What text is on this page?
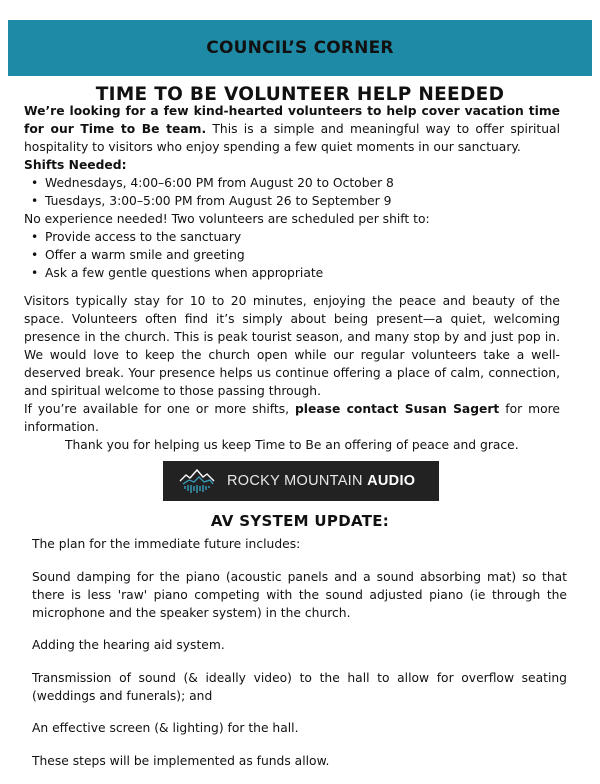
COUNCIL’S CORNER
TIME TO BE VOLUNTEER HELP NEEDED

We’re looking for a few kind-hearted volunteers to help cover vacation time for our Time to Be team. This is a simple and meaningful way to offer spiritual hospitality to visitors who enjoy spending a few quiet moments in our sanctuary.

Shifts Needed:

• Wednesdays, 4:00–6:00 PM from August 20 to October 8
• Tuesdays, 3:00–5:00 PM from August 26 to September 9

No experience needed! Two volunteers are scheduled per shift to:

• Provide access to the sanctuary
• Offer a warm smile and greeting
• Ask a few gentle questions when appropriate

Visitors typically stay for 10 to 20 minutes, enjoying the peace and beauty of the space. Volunteers often find it’s simply about being present—a quiet, welcoming presence in the church. This is peak tourist season, and many stop by and just pop in. We would love to keep the church open while our regular volunteers take a well-deserved break. Your presence helps us continue offering a place of calm, connection, and spiritual welcome to those passing through.

If you’re available for one or more shifts, please contact Susan Sagert for more information.

Thank you for helping us keep Time to Be an offering of peace and grace.

ROCKY MOUNTAIN AUDIO
AV SYSTEM UPDATE:

The plan for the immediate future includes:

Sound damping for the piano (acoustic panels and a sound absorbing mat) so that there is less 'raw' piano competing with the sound adjusted piano (ie through the microphone and the speaker system) in the church.

Adding the hearing aid system.

Transmission of sound (& ideally video) to the hall to allow for overflow seating (weddings and funerals); and

An effective screen (& lighting) for the hall.

These steps will be implemented as funds allow.
